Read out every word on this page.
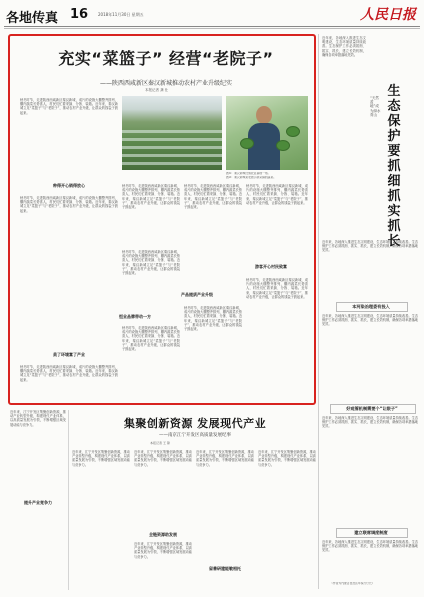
各地传真 16 2018年11月30日 星期五	人民日报
充实“菜篮子” 经营“老院子”
——陕西西咸新区秦汉新城推动农村产业升级纪实
本报记者 龚 仕
秋冬时节，走进陕西西咸新区秦汉新城，成片的设施大棚整齐排列，棚内蔬菜长势喜人，村民们忙着采摘、分拣、装箱。近年来，秦汉新城立足“菜篮子”与“老院子”，推动农村产业升级，让群众的钱袋子鼓起来。
种得开心销得放心
秋冬时节，走进陕西西咸新区秦汉新城，成片的设施大棚整齐排列，棚内蔬菜长势喜人，村民们忙着采摘、分拣、装箱。近年来，秦汉新城立足“菜篮子”与“老院子”，推动农村产业升级，让群众的钱袋子鼓起来。
美了环境富了产业
秋冬时节，走进陕西西咸新区秦汉新城，成片的设施大棚整齐排列，棚内蔬菜长势喜人，村民们忙着采摘、分拣、装箱。近年来，秦汉新城立足“菜篮子”与“老院子”，推动农村产业升级，让群众的钱袋子鼓起来。
图①：秦汉新城设施农业基地一角。
图②：秦汉新城菜农展示新采摘的蔬菜。
秋冬时节，走进陕西西咸新区秦汉新城，成片的设施大棚整齐排列，棚内蔬菜长势喜人，村民们忙着采摘、分拣、装箱。近年来，秦汉新城立足“菜篮子”与“老院子”，推动农村产业升级，让群众的钱袋子鼓起来。
秋冬时节，走进陕西西咸新区秦汉新城，成片的设施大棚整齐排列，棚内蔬菜长势喜人，村民们忙着采摘、分拣、装箱。近年来，秦汉新城立足“菜篮子”与“老院子”，推动农村产业升级，让群众的钱袋子鼓起来。
秋冬时节，走进陕西西咸新区秦汉新城，成片的设施大棚整齐排列，棚内蔬菜长势喜人，村民们忙着采摘、分拣、装箱。近年来，秦汉新城立足“菜篮子”与“老院子”，推动农村产业升级，让群众的钱袋子鼓起来。
恒业品牌带动一方
产品提质产业升级
游客开心村民致富
秋冬时节，走进陕西西咸新区秦汉新城，成片的设施大棚整齐排列，棚内蔬菜长势喜人，村民们忙着采摘、分拣、装箱。近年来，秦汉新城立足“菜篮子”与“老院子”，推动农村产业升级，让群众的钱袋子鼓起来。
秋冬时节，走进陕西西咸新区秦汉新城，成片的设施大棚整齐排列，棚内蔬菜长势喜人，村民们忙着采摘、分拣、装箱。近年来，秦汉新城立足“菜篮子”与“老院子”，推动农村产业升级，让群众的钱袋子鼓起来。
秋冬时节，走进陕西西咸新区秦汉新城，成片的设施大棚整齐排列，棚内蔬菜长势喜人，村民们忙着采摘、分拣、装箱。近年来，秦汉新城立足“菜篮子”与“老院子”，推动农村产业升级，让群众的钱袋子鼓起来。
秋冬时节，走进陕西西咸新区秦汉新城，成片的设施大棚整齐排列，棚内蔬菜长势喜人，村民们忙着采摘、分拣、装箱。近年来，秦汉新城立足“菜篮子”与“老院子”，推动农村产业升级，让群众的钱袋子鼓起来。
生态保护要抓细抓实抓长
“天然盆地”成为绿水青山
近年来，各地深入推进生态文明建设，生态环境质量持续改善。生态保护工作必须抓细、抓实、抓长，建立长效机制，确保各项举措落地见效。
近年来，各地深入推进生态文明建设，生态环境质量持续改善。生态保护工作必须抓细、抓实、抓长，建立长效机制，确保各项举措落地见效。
本河染治理委有投入
近年来，各地深入推进生态文明建设，生态环境质量持续改善。生态保护工作必须抓细、抓实、抓长，建立长效机制，确保各项举措落地见效。
好观管机制需要个“让限子”
近年来，各地深入推进生态文明建设，生态环境质量持续改善。生态保护工作必须抓细、抓实、抓长，建立长效机制，确保各项举措落地见效。
建立联席调度制度
近年来，各地深入推进生态文明建设，生态环境质量持续改善。生态保护工作必须抓细、抓实、抓长，建立长效机制，确保各项举措落地见效。
（作者为内蒙古自治区环保厅厅长）
近年来，江宁开发区集聚创新资源，推动产业转型升级，构建现代产业体系，以高质量发展为引领，不断增强区域发展动能与竞争力。
提升产业竞争力
集聚创新资源 发展现代产业
——南京江宁开发区高质量发展纪事
本报记者 王 锦
近年来，江宁开发区集聚创新资源，推动产业转型升级，构建现代产业体系，以高质量发展为引领，不断增强区域发展动能与竞争力。
近年来，江宁开发区集聚创新资源，推动产业转型升级，构建现代产业体系，以高质量发展为引领，不断增强区域发展动能与竞争力。
全链资源助发展
近年来，江宁开发区集聚创新资源，推动产业转型升级，构建现代产业体系，以高质量发展为引领，不断增强区域发展动能与竞争力。
近年来，江宁开发区集聚创新资源，推动产业转型升级，构建现代产业体系，以高质量发展为引领，不断增强区域发展动能与竞争力。
留善研建能敏相托
近年来，江宁开发区集聚创新资源，推动产业转型升级，构建现代产业体系，以高质量发展为引领，不断增强区域发展动能与竞争力。
